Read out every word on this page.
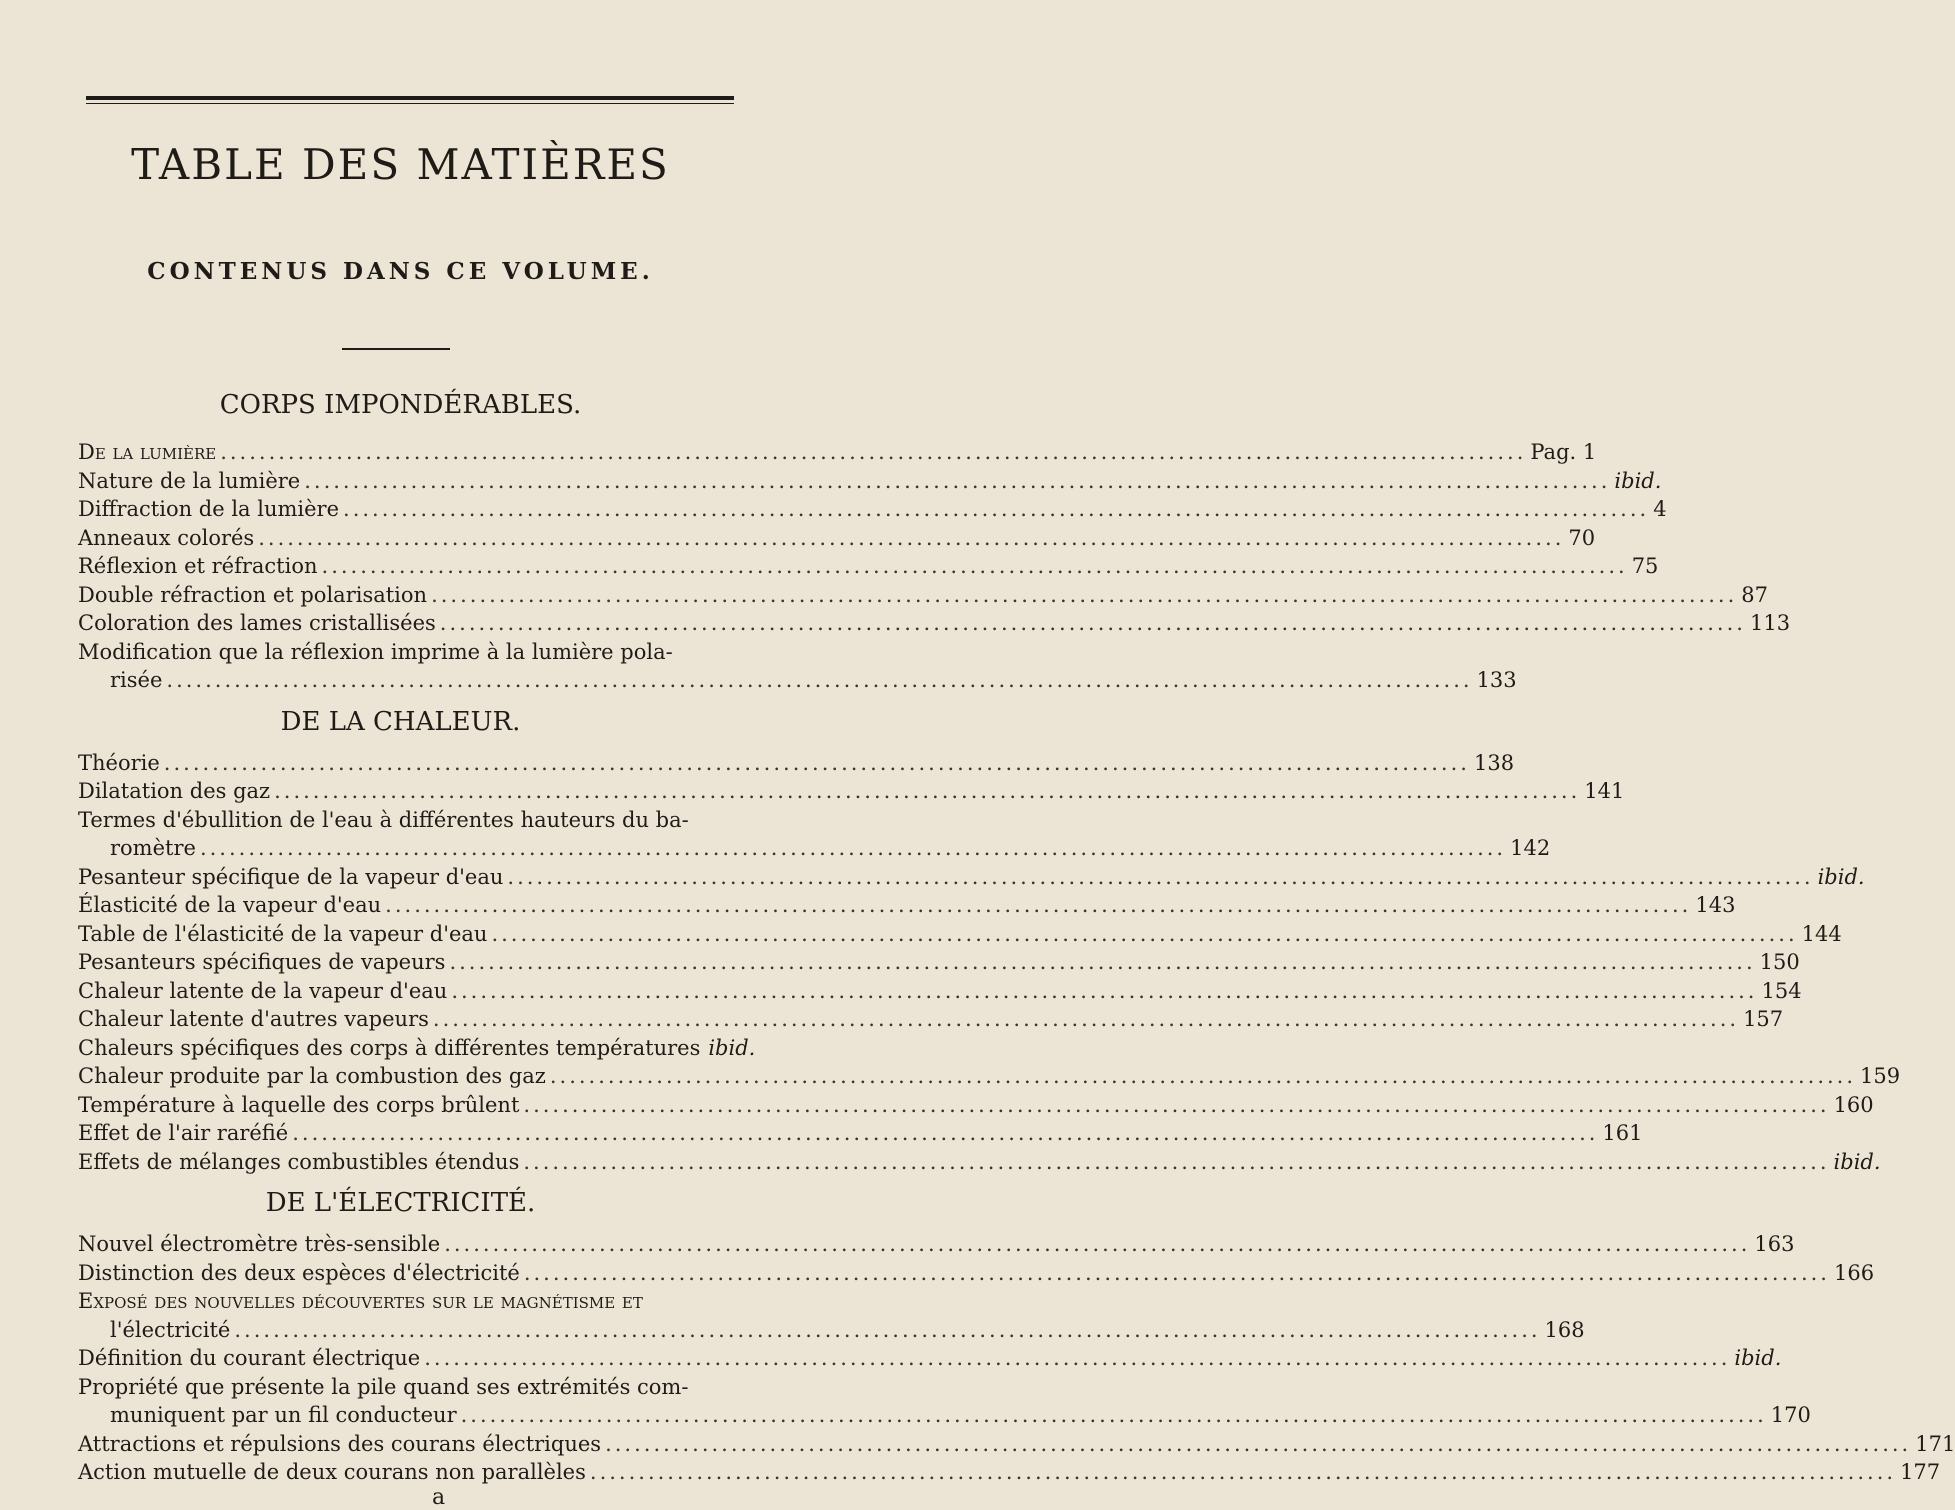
TABLE DES MATIÈRES
CONTENUS DANS CE VOLUME.
CORPS IMPONDÉRABLES.
De la lumière .....	Pag. 1
Nature de la lumière .....	ibid.
Diffraction de la lumière .....	4
Anneaux colorés .....	70
Réflexion et réfraction .....	75
Double réfraction et polarisation .....	87
Coloration des lames cristallisées .....	113
Modification que la réflexion imprime à la lumière pola-
risée .....	133
DE LA CHALEUR.
Théorie .....	138
Dilatation des gaz .....	141
Termes d'ébullition de l'eau à différentes hauteurs du ba-
romètre .....	142
Pesanteur spécifique de la vapeur d'eau .....	ibid.
Élasticité de la vapeur d'eau .....	143
Table de l'élasticité de la vapeur d'eau .....	144
Pesanteurs spécifiques de vapeurs .....	150
Chaleur latente de la vapeur d'eau .....	154
Chaleur latente d'autres vapeurs .....	157
Chaleurs spécifiques des corps à différentes températures ibid.
Chaleur produite par la combustion des gaz .....	159
Température à laquelle des corps brûlent .....	160
Effet de l'air raréfié .....	161
Effets de mélanges combustibles étendus .....	ibid.
DE L'ÉLECTRICITÉ.
Nouvel électromètre très-sensible .....	163
Distinction des deux espèces d'électricité .....	166
Exposé des nouvelles découvertes sur le magnétisme et
l'électricité .....	168
Définition du courant électrique .....	ibid.
Propriété que présente la pile quand ses extrémités com-
muniquent par un fil conducteur .....	170
Attractions et répulsions des courans électriques .....	171
Action mutuelle de deux courans non parallèles .....	177
a
